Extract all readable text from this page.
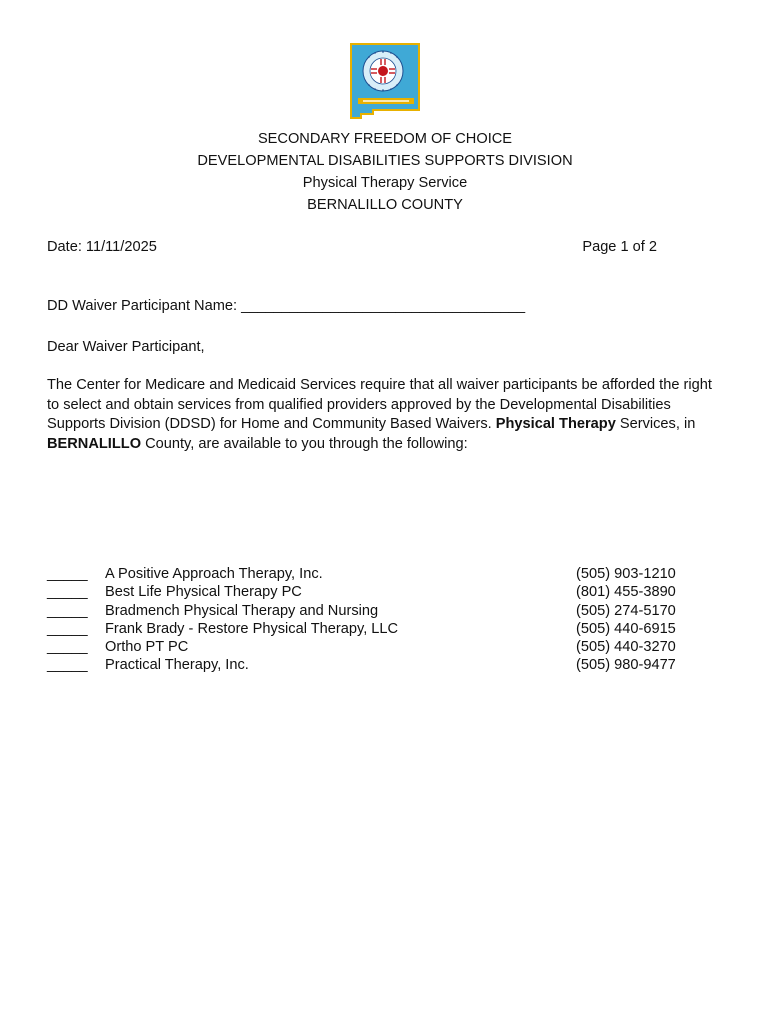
SECONDARY FREEDOM OF CHOICE
DEVELOPMENTAL DISABILITIES SUPPORTS DIVISION
Physical Therapy Service
BERNALILLO COUNTY
Date: 11/11/2025	Page 1 of 2
DD Waiver Participant Name: ___________________________________
Dear Waiver Participant,
The Center for Medicare and Medicaid Services require that all waiver participants be afforded the right to select and obtain services from qualified providers approved by the Developmental Disabilities Supports Division (DDSD) for Home and Community Based Waivers. Physical Therapy Services, in BERNALILLO County, are available to you through the following:
_____ A Positive Approach Therapy, Inc.	(505) 903-1210
_____ Best Life Physical Therapy PC	(801) 455-3890
_____ Bradmench Physical Therapy and Nursing	(505) 274-5170
_____ Frank Brady - Restore Physical Therapy, LLC	(505) 440-6915
_____ Ortho PT PC	(505) 440-3270
_____ Practical Therapy, Inc.	(505) 980-9477
